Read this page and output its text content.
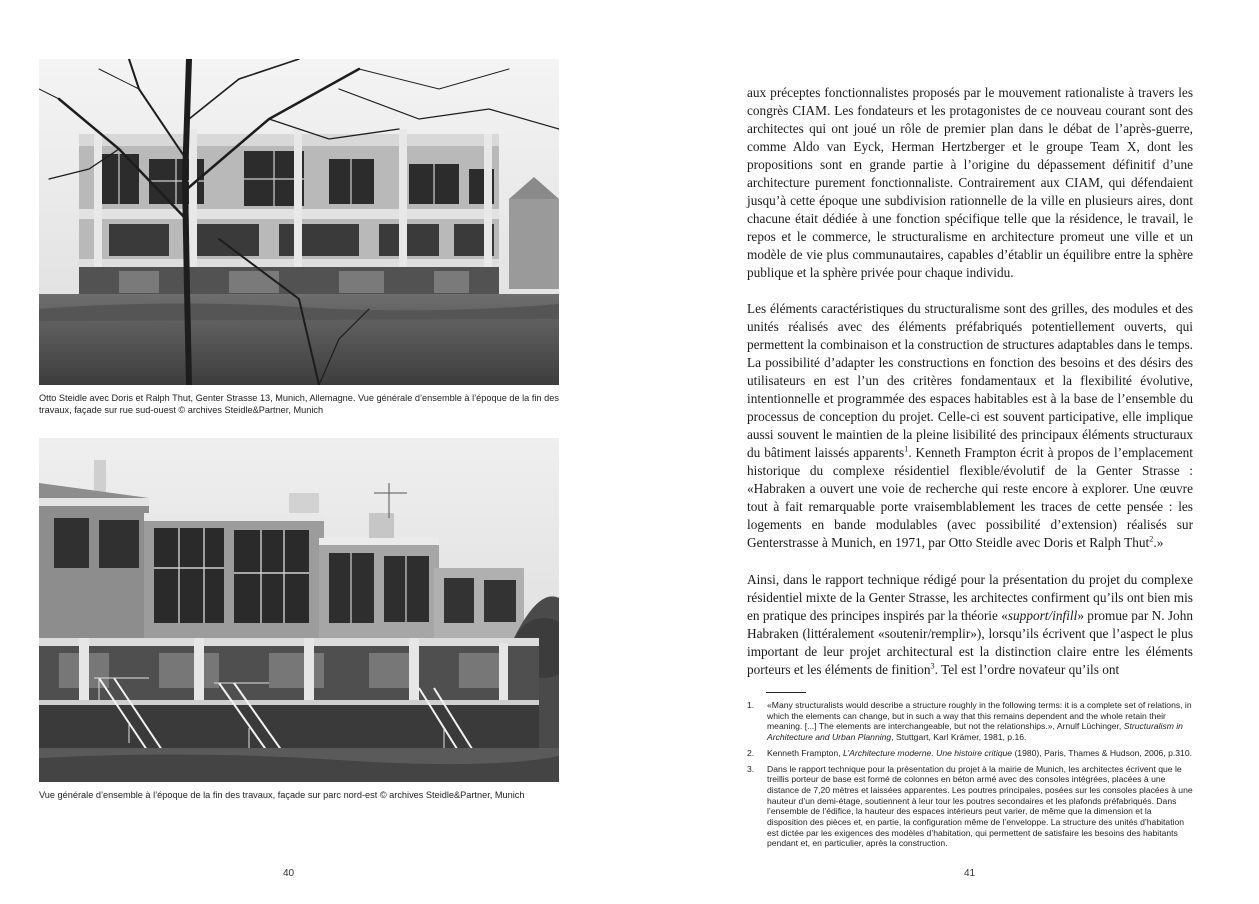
Otto Steidle avec Doris et Ralph Thut, Genter Strasse 13, Munich, Allemagne. Vue générale d’ensemble à l’époque de la fin des travaux, façade sur rue sud-ouest © archives Steidle&Partner, Munich
Vue générale d’ensemble à l’époque de la fin des travaux, façade sur parc nord-est © archives Steidle&Partner, Munich
40

aux préceptes fonctionnalistes proposés par le mouvement rationaliste à travers les congrès CIAM. Les fondateurs et les protagonistes de ce nouveau courant sont des architectes qui ont joué un rôle de premier plan dans le débat de l’après-guerre, comme Aldo van Eyck, Herman Hertzberger et le groupe Team X, dont les propositions sont en grande partie à l’origine du dépassement définitif d’une architecture purement fonctionnaliste. Contrairement aux CIAM, qui défendaient jusqu’à cette époque une subdivision rationnelle de la ville en plusieurs aires, dont chacune était dédiée à une fonction spécifique telle que la résidence, le travail, le repos et le commerce, le structuralisme en architecture promeut une ville et un modèle de vie plus communautaires, capables d’établir un équilibre entre la sphère publique et la sphère privée pour chaque individu.

Les éléments caractéristiques du structuralisme sont des grilles, des modules et des unités réalisés avec des éléments préfabriqués potentiellement ouverts, qui permettent la combinaison et la construction de structures adaptables dans le temps. La possibilité d’adapter les constructions en fonction des besoins et des désirs des utilisateurs en est l’un des critères fondamentaux et la flexibilité évolutive, intentionnelle et programmée des espaces habitables est à la base de l’ensemble du processus de conception du projet. Celle-ci est souvent participative, elle implique aussi souvent le maintien de la pleine lisibilité des principaux éléments structuraux du bâtiment laissés apparents$^1$. Kenneth Frampton écrit à propos de l’emplacement historique du complexe résidentiel flexible/évolutif de la Genter Strasse : «Habraken a ouvert une voie de recherche qui reste encore à explorer. Une œuvre tout à fait remarquable porte vraisemblablement les traces de cette pensée : les logements en bande modulables (avec possibilité d’extension) réalisés sur Genterstrasse à Munich, en 1971, par Otto Steidle avec Doris et Ralph Thut$^2$.»

Ainsi, dans le rapport technique rédigé pour la présentation du projet du complexe résidentiel mixte de la Genter Strasse, les architectes confirment qu’ils ont bien mis en pratique des principes inspirés par la théorie «support/infill» promue par N. John Habraken (littéralement «soutenir/remplir»), lorsqu’ils écrivent que l’aspect le plus important de leur projet architectural est la distinction claire entre les éléments porteurs et les éléments de finition$^3$. Tel est l’ordre novateur qu’ils ont

1.	«Many structuralists would describe a structure roughly in the following terms: it is a complete set of relations, in which the elements can change, but in such a way that this remains dependent and the whole retain their meaning. [...] The elements are interchangeable, but not the relationships.», Arnulf Lüchinger, Structuralism in Architecture and Urban Planning, Stuttgart, Karl Krämer, 1981, p.16.
2.	Kenneth Frampton, L’Architecture moderne. Une histoire critique (1980), Paris, Thames & Hudson, 2006, p.310.
3.	Dans le rapport technique pour la présentation du projet à la mairie de Munich, les architectes écrivent que le treillis porteur de base est formé de colonnes en béton armé avec des consoles intégrées, placées à une distance de 7,20 mètres et laissées apparentes. Les poutres principales, posées sur les consoles placées à une hauteur d’un demi-étage, soutiennent à leur tour les poutres secondaires et les plafonds préfabriqués. Dans l’ensemble de l’édifice, la hauteur des espaces intérieurs peut varier, de même que la dimension et la disposition des pièces et, en partie, la configuration même de l’enveloppe. La structure des unités d’habitation est dictée par les exigences des modèles d’habitation, qui permettent de satisfaire les besoins des habitants pendant et, en particulier, après la construction.
41
